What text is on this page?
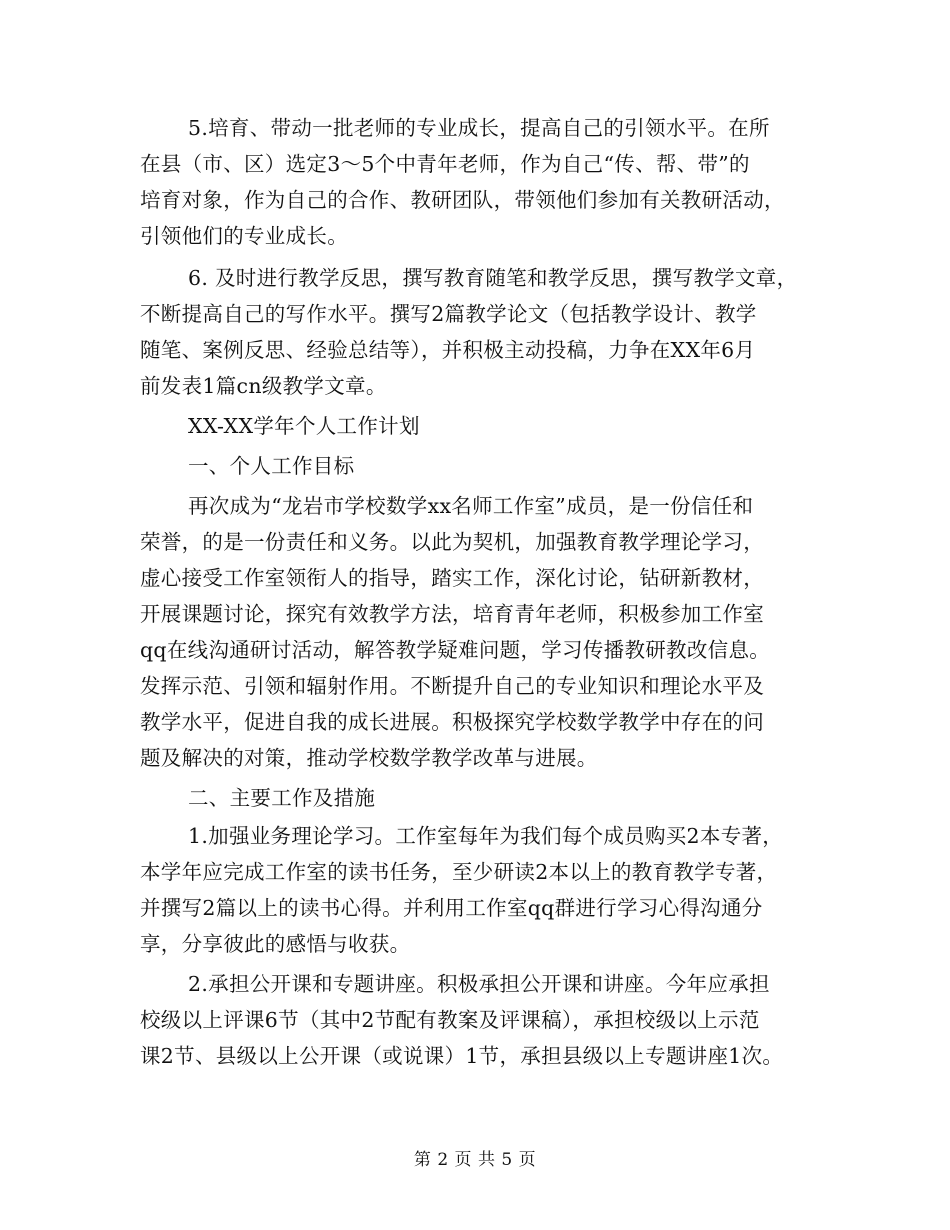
5.培育、带动一批老师的专业成长，提高自己的引领水平。在所
在县（市、区）选定3～5个中青年老师，作为自己“传、帮、带”的
培育对象，作为自己的合作、教研团队，带领他们参加有关教研活动，
引领他们的专业成长。
6. 及时进行教学反思，撰写教育随笔和教学反思，撰写教学文章，
不断提高自己的写作水平。撰写2篇教学论文（包括教学设计、教学
随笔、案例反思、经验总结等），并积极主动投稿，力争在XX年6月
前发表1篇cn级教学文章。
XX-XX学年个人工作计划
一、个人工作目标
再次成为“龙岩市学校数学xx名师工作室”成员，是一份信任和
荣誉，的是一份责任和义务。以此为契机，加强教育教学理论学习，
虚心接受工作室领衔人的指导，踏实工作，深化讨论，钻研新教材，
开展课题讨论，探究有效教学方法，培育青年老师，积极参加工作室
qq在线沟通研讨活动，解答教学疑难问题，学习传播教研教改信息。
发挥示范、引领和辐射作用。不断提升自己的专业知识和理论水平及
教学水平，促进自我的成长进展。积极探究学校数学教学中存在的问
题及解决的对策，推动学校数学教学改革与进展。
二、主要工作及措施
1.加强业务理论学习。工作室每年为我们每个成员购买2本专著，
本学年应完成工作室的读书任务，至少研读2本以上的教育教学专著，
并撰写2篇以上的读书心得。并利用工作室qq群进行学习心得沟通分
享，分享彼此的感悟与收获。
2.承担公开课和专题讲座。积极承担公开课和讲座。今年应承担
校级以上评课6节（其中2节配有教案及评课稿），承担校级以上示范
课2节、县级以上公开课（或说课）1节，承担县级以上专题讲座1次。
第 2 页 共 5 页
